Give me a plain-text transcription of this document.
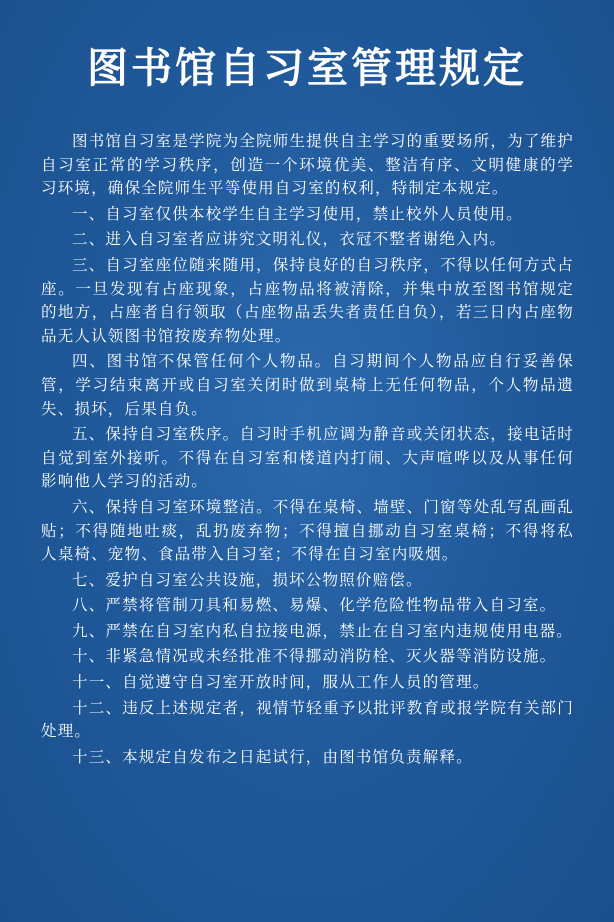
图书馆自习室管理规定

图书馆自习室是学院为全院师生提供自主学习的重要场所，为了维护自习室正常的学习秩序，创造一个环境优美、整洁有序、文明健康的学习环境，确保全院师生平等使用自习室的权利，特制定本规定。

一、自习室仅供本校学生自主学习使用，禁止校外人员使用。

二、进入自习室者应讲究文明礼仪，衣冠不整者谢绝入内。

三、自习室座位随来随用，保持良好的自习秩序，不得以任何方式占座。一旦发现有占座现象，占座物品将被清除，并集中放至图书馆规定的地方，占座者自行领取（占座物品丢失者责任自负），若三日内占座物品无人认领图书馆按废弃物处理。

四、图书馆不保管任何个人物品。自习期间个人物品应自行妥善保管，学习结束离开或自习室关闭时做到桌椅上无任何物品，个人物品遗失、损坏，后果自负。

五、保持自习室秩序。自习时手机应调为静音或关闭状态，接电话时自觉到室外接听。不得在自习室和楼道内打闹、大声喧哗以及从事任何影响他人学习的活动。

六、保持自习室环境整洁。不得在桌椅、墙壁、门窗等处乱写乱画乱贴；不得随地吐痰，乱扔废弃物；不得擅自挪动自习室桌椅；不得将私人桌椅、宠物、食品带入自习室；不得在自习室内吸烟。

七、爱护自习室公共设施，损坏公物照价赔偿。

八、严禁将管制刀具和易燃、易爆、化学危险性物品带入自习室。

九、严禁在自习室内私自拉接电源，禁止在自习室内违规使用电器。

十、非紧急情况或未经批准不得挪动消防栓、灭火器等消防设施。

十一、自觉遵守自习室开放时间，服从工作人员的管理。

十二、违反上述规定者，视情节轻重予以批评教育或报学院有关部门处理。

十三、本规定自发布之日起试行，由图书馆负责解释。
